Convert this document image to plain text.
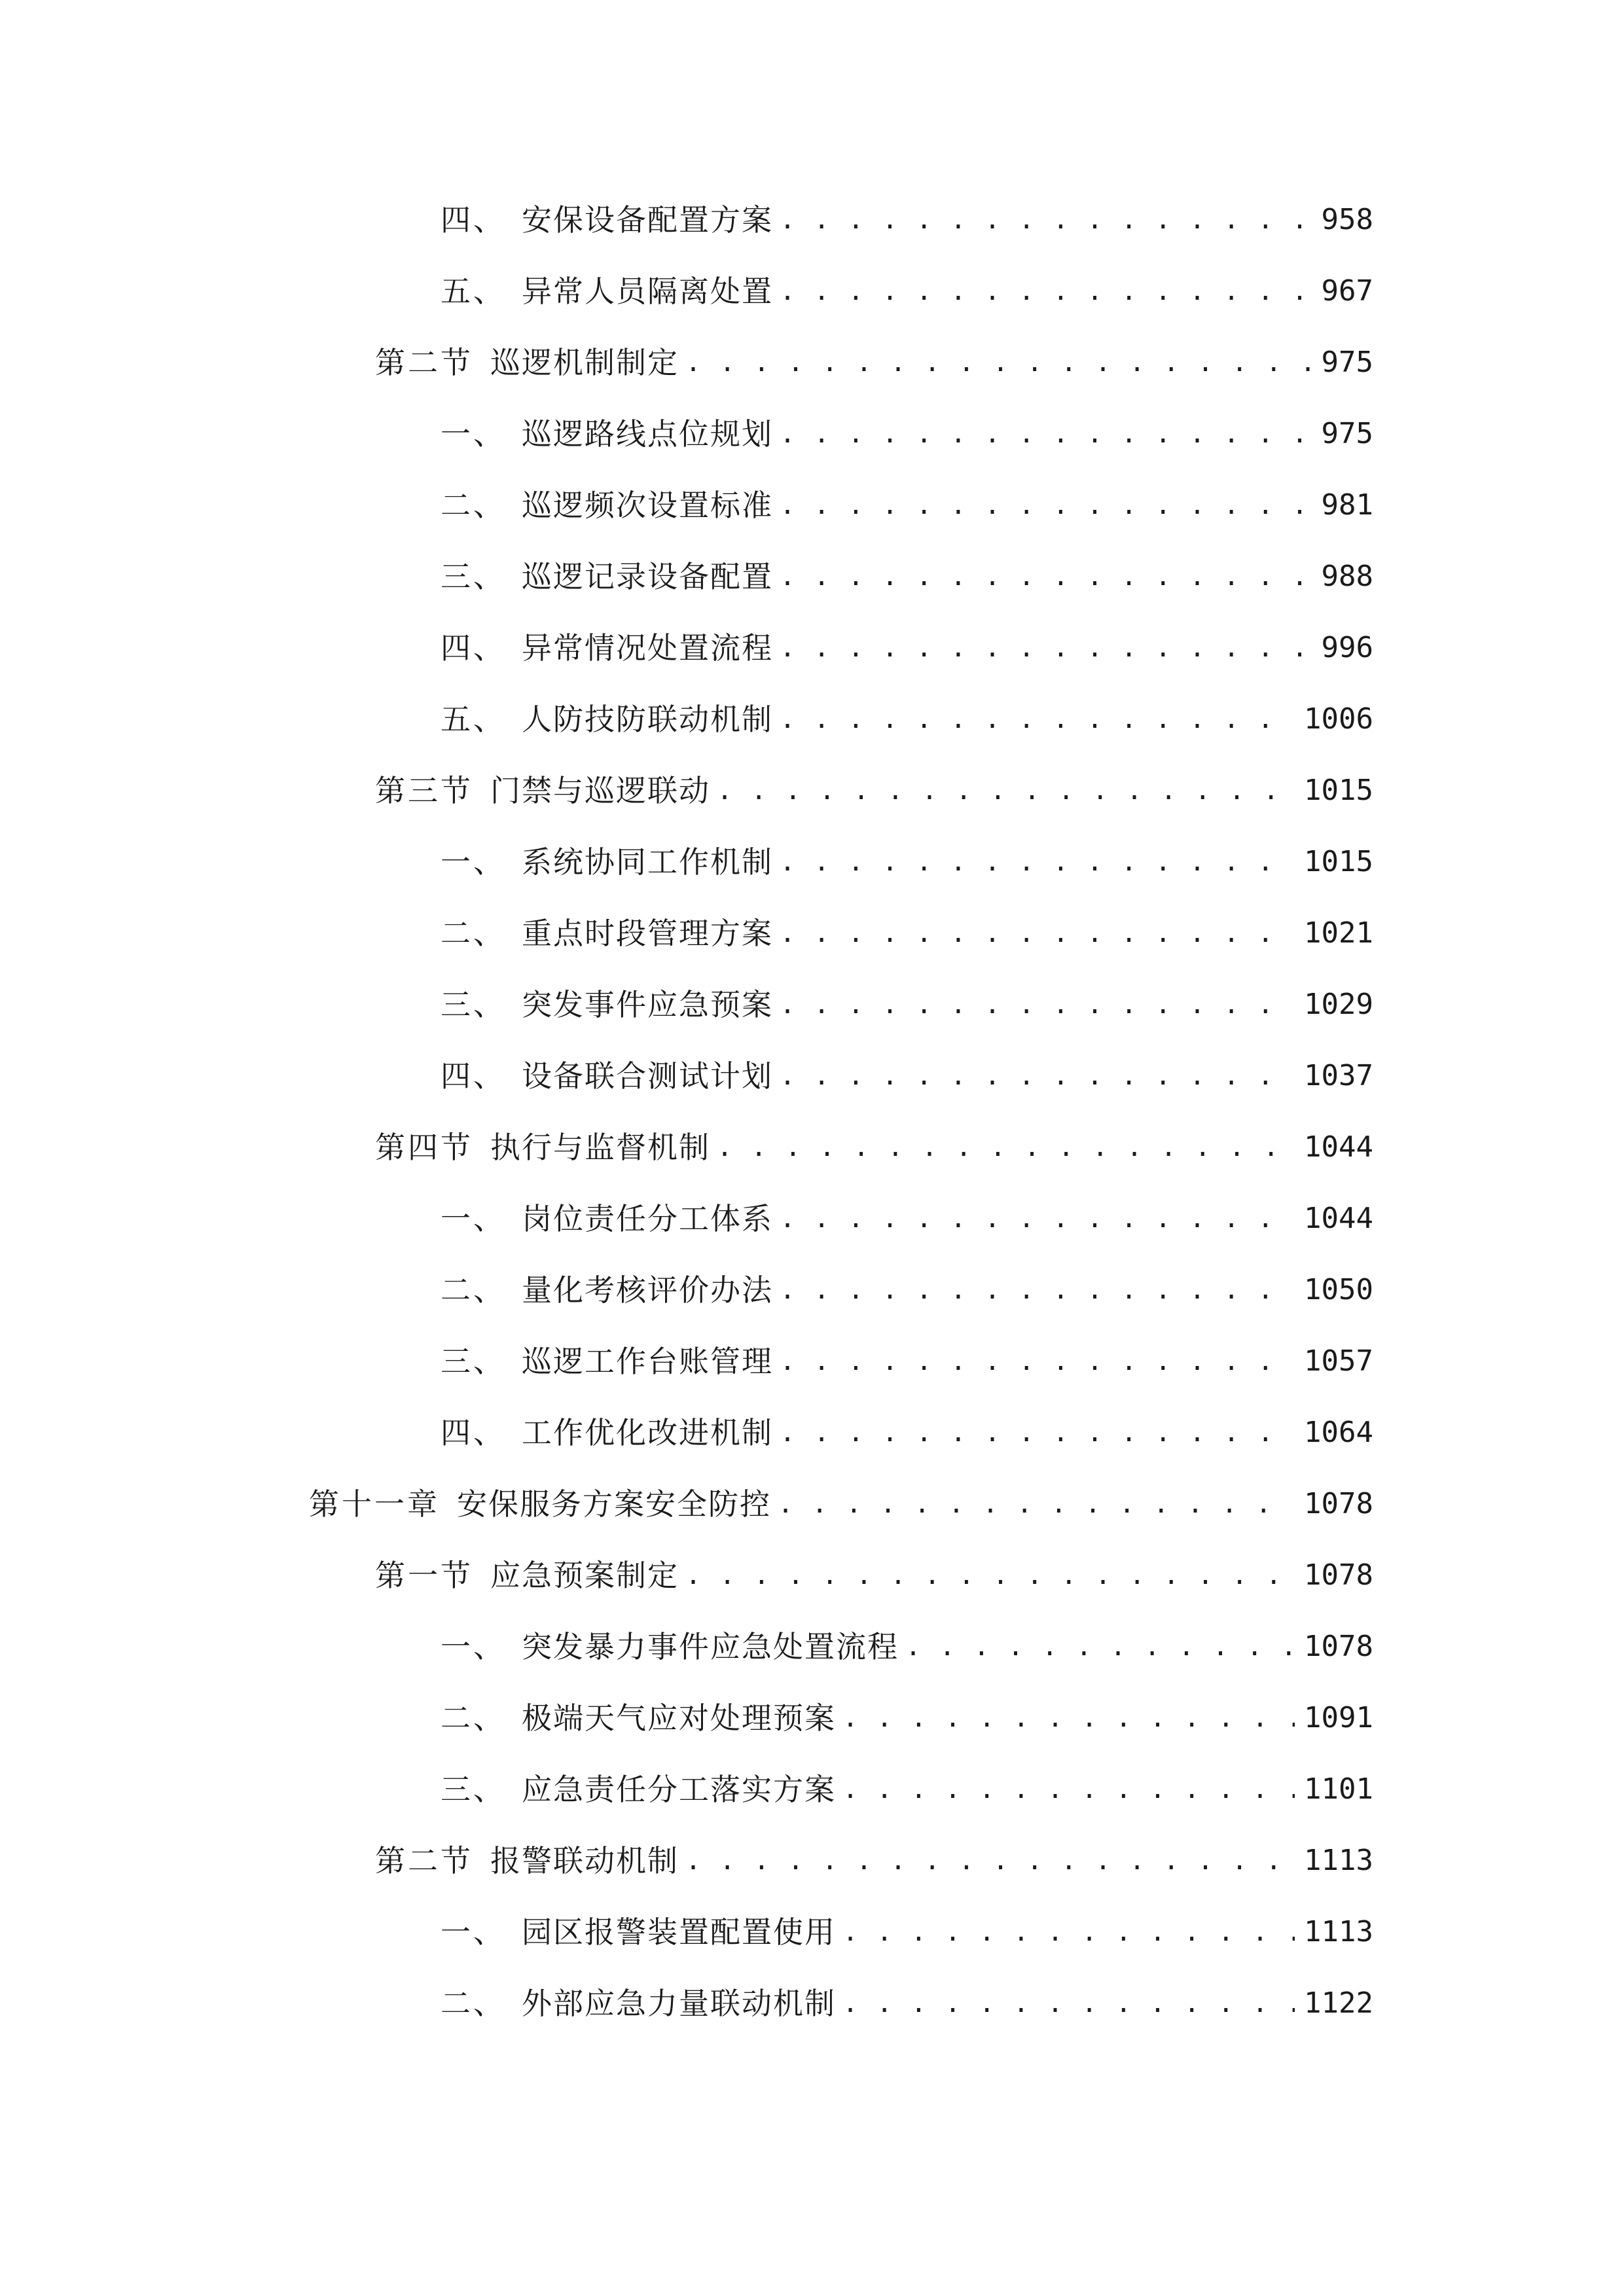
四、 安保设备配置方案 . . .	958
五、 异常人员隔离处置 . . .	967
第二节 巡逻机制制定 . . .	975
一、 巡逻路线点位规划 . . .	975
二、 巡逻频次设置标准 . . .	981
三、 巡逻记录设备配置 . . .	988
四、 异常情况处置流程 . . .	996
五、 人防技防联动机制 . . .	1006
第三节 门禁与巡逻联动 . . .	1015
一、 系统协同工作机制 . . .	1015
二、 重点时段管理方案 . . .	1021
三、 突发事件应急预案 . . .	1029
四、 设备联合测试计划 . . .	1037
第四节 执行与监督机制 . . .	1044
一、 岗位责任分工体系 . . .	1044
二、 量化考核评价办法 . . .	1050
三、 巡逻工作台账管理 . . .	1057
四、 工作优化改进机制 . . .	1064
第十一章 安保服务方案安全防控 . . .	1078
第一节 应急预案制定 . . .	1078
一、 突发暴力事件应急处置流程 . . .	1078
二、 极端天气应对处理预案 . . .	1091
三、 应急责任分工落实方案 . . .	1101
第二节 报警联动机制 . . .	1113
一、 园区报警装置配置使用 . . .	1113
二、 外部应急力量联动机制 . . .	1122
